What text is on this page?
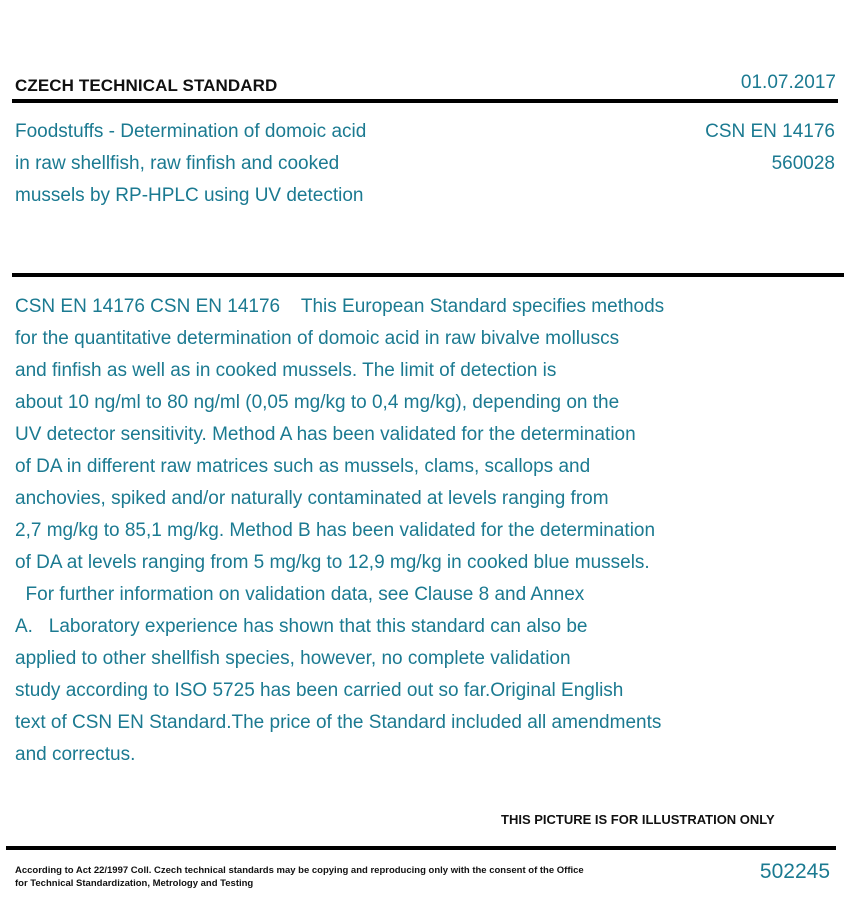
CZECH TECHNICAL STANDARD	01.07.2017
Foodstuffs - Determination of domoic acid
in raw shellfish, raw finfish and cooked
mussels by RP-HPLC using UV detection
CSN EN 14176
560028
CSN EN 14176 CSN EN 14176    This European Standard specifies methods
for the quantitative determination of domoic acid in raw bivalve molluscs
and finfish as well as in cooked mussels. The limit of detection is
about 10 ng/ml to 80 ng/ml (0,05 mg/kg to 0,4 mg/kg), depending on the
UV detector sensitivity. Method A has been validated for the determination
of DA in different raw matrices such as mussels, clams, scallops and
anchovies, spiked and/or naturally contaminated at levels ranging from
2,7 mg/kg to 85,1 mg/kg. Method B has been validated for the determination
of DA at levels ranging from 5 mg/kg to 12,9 mg/kg in cooked blue mussels.
For further information on validation data, see Clause 8 and Annex
A.   Laboratory experience has shown that this standard can also be
applied to other shellfish species, however, no complete validation
study according to ISO 5725 has been carried out so far.Original English
text of CSN EN Standard.The price of the Standard included all amendments
and correctus.
THIS PICTURE IS FOR ILLUSTRATION ONLY
According to Act 22/1997 Coll. Czech technical standards may be copying and reproducing only with the consent of the Office
for Technical Standardization, Metrology and Testing
502245
